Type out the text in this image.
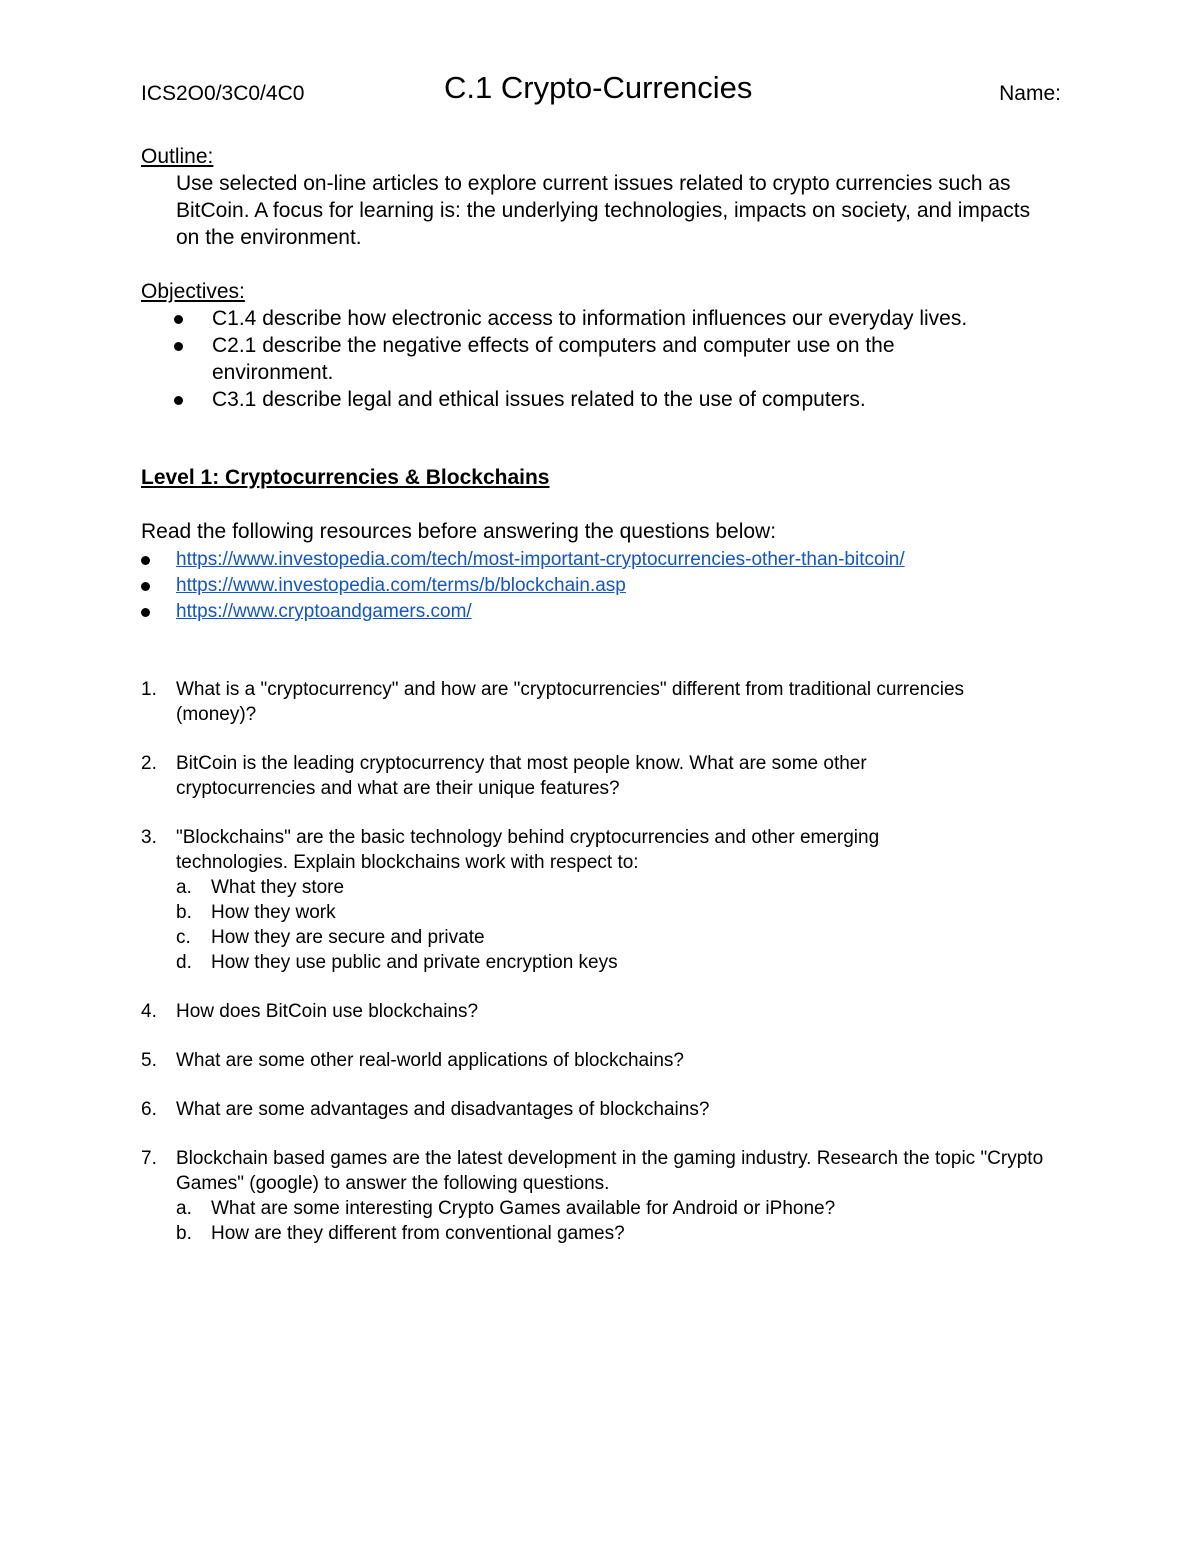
ICS2O0/3C0/4C0	C.1 Crypto-Currencies	Name:
Outline:
Use selected on-line articles to explore current issues related to crypto currencies such as BitCoin. A focus for learning is: the underlying technologies, impacts on society, and impacts on the environment.
Objectives:
C1.4 describe how electronic access to information influences our everyday lives.
C2.1 describe the negative effects of computers and computer use on the environment.
C3.1 describe legal and ethical issues related to the use of computers.
Level 1: Cryptocurrencies & Blockchains
Read the following resources before answering the questions below:
https://www.investopedia.com/tech/most-important-cryptocurrencies-other-than-bitcoin/
https://www.investopedia.com/terms/b/blockchain.asp
https://www.cryptoandgamers.com/
1. What is a "cryptocurrency" and how are "cryptocurrencies" different from traditional currencies (money)?
2. BitCoin is the leading cryptocurrency that most people know. What are some other cryptocurrencies and what are their unique features?
3. "Blockchains" are the basic technology behind cryptocurrencies and other emerging technologies. Explain blockchains work with respect to:
a. What they store
b. How they work
c. How they are secure and private
d. How they use public and private encryption keys
4. How does BitCoin use blockchains?
5. What are some other real-world applications of blockchains?
6. What are some advantages and disadvantages of blockchains?
7. Blockchain based games are the latest development in the gaming industry. Research the topic "Crypto Games" (google) to answer the following questions.
a. What are some interesting Crypto Games available for Android or iPhone?
b. How are they different from conventional games?
